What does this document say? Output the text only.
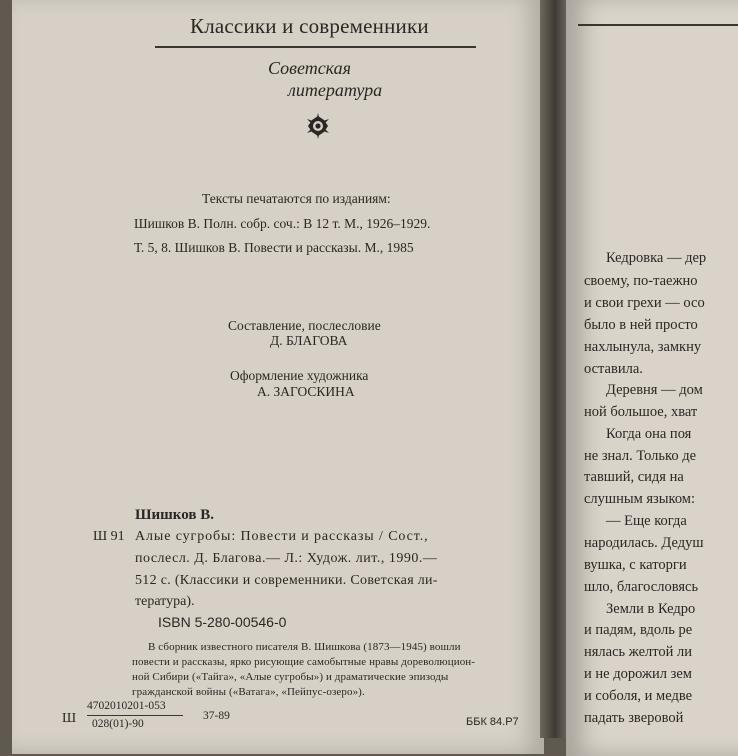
Классики и современники
Советская
литература
Тексты печатаются по изданиям:
Шишков В. Полн. собр. соч.: В 12 т. М., 1926–1929.
Т. 5, 8. Шишков В. Повести и рассказы. М., 1985
Составление, послесловие
Д. БЛАГОВА
Оформление художника
А. ЗАГОСКИНА
Шишков В.
Ш 91 Алые сугробы: Повести и рассказы / Сост.,
послесл. Д. Благова.— Л.: Худож. лит., 1990.—
512 с. (Классики и современники. Советская ли-
тература).
ISBN 5-280-00546-0
В сборник известного писателя В. Шишкова (1873—1945) вошли
повести и рассказы, ярко рисующие самобытные нравы дореволюцион-
ной Сибири («Тайга», «Алые сугробы») и драматические эпизоды
гражданской войны («Ватага», «Пейпус-озеро»).
Ш
4702010201-053
028(01)-90
37-89	ББК 84.Р7
Кедровка — дер
своему, по-таежно
и свои грехи — осо
было в ней просто
нахлынула, замкну
оставила.
Деревня — дом
ной большое, хват
Когда она поя
не знал. Только де
тавший, сидя на
слушным языком:
— Еще когда
народилась. Дедуш
вушка, с каторги
шло, благословясь
Земли в Кедро
и падям, вдоль ре
нялась желтой ли
и не дорожил зем
и соболя, и медве
падать зверовой
